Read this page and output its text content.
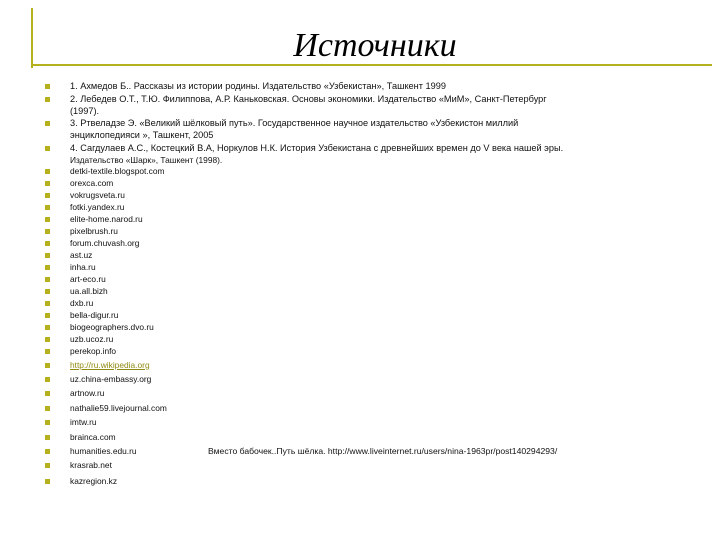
Источники
1. Ахмедов Б.. Рассказы из истории родины. Издательство «Узбекистан», Ташкент 1999
2. Лебедев О.Т., Т.Ю. Филиппова, А.Р. Каньковская. Основы экономики. Издательство «МиМ», Санкт-Петербург
(1997).
3. Ртвеладзе Э. «Великий шёлковый путь». Государственное научное издательство «Узбекистон миллий
энциклопедияси », Ташкент, 2005
4. Сагдулаев А.С., Костецкий В.А, Норкулов Н.К. История Узбекистана с древнейших времен до V века нашей эры.
Издательство «Шарк», Ташкент (1998).
detki-textile.blogspot.com
orexca.com
vokrugsveta.ru
fotki.yandex.ru
elite-home.narod.ru
pixelbrush.ru
forum.chuvash.org
ast.uz
inha.ru
art-eco.ru
ua.all.bizh
dxb.ru
bella-digur.ru
biogeographers.dvo.ru
uzb.ucoz.ru
perekop.info
http://ru.wikipedia.org
uz.china-embassy.org
artnow.ru
nathalie59.livejournal.com
imtw.ru
brainca.com
humanities.edu.ru	Вместо бабочек..Путь шёлка. http://www.liveinternet.ru/users/nina-1963pr/post140294293/
krasrab.net
kazregion.kz
